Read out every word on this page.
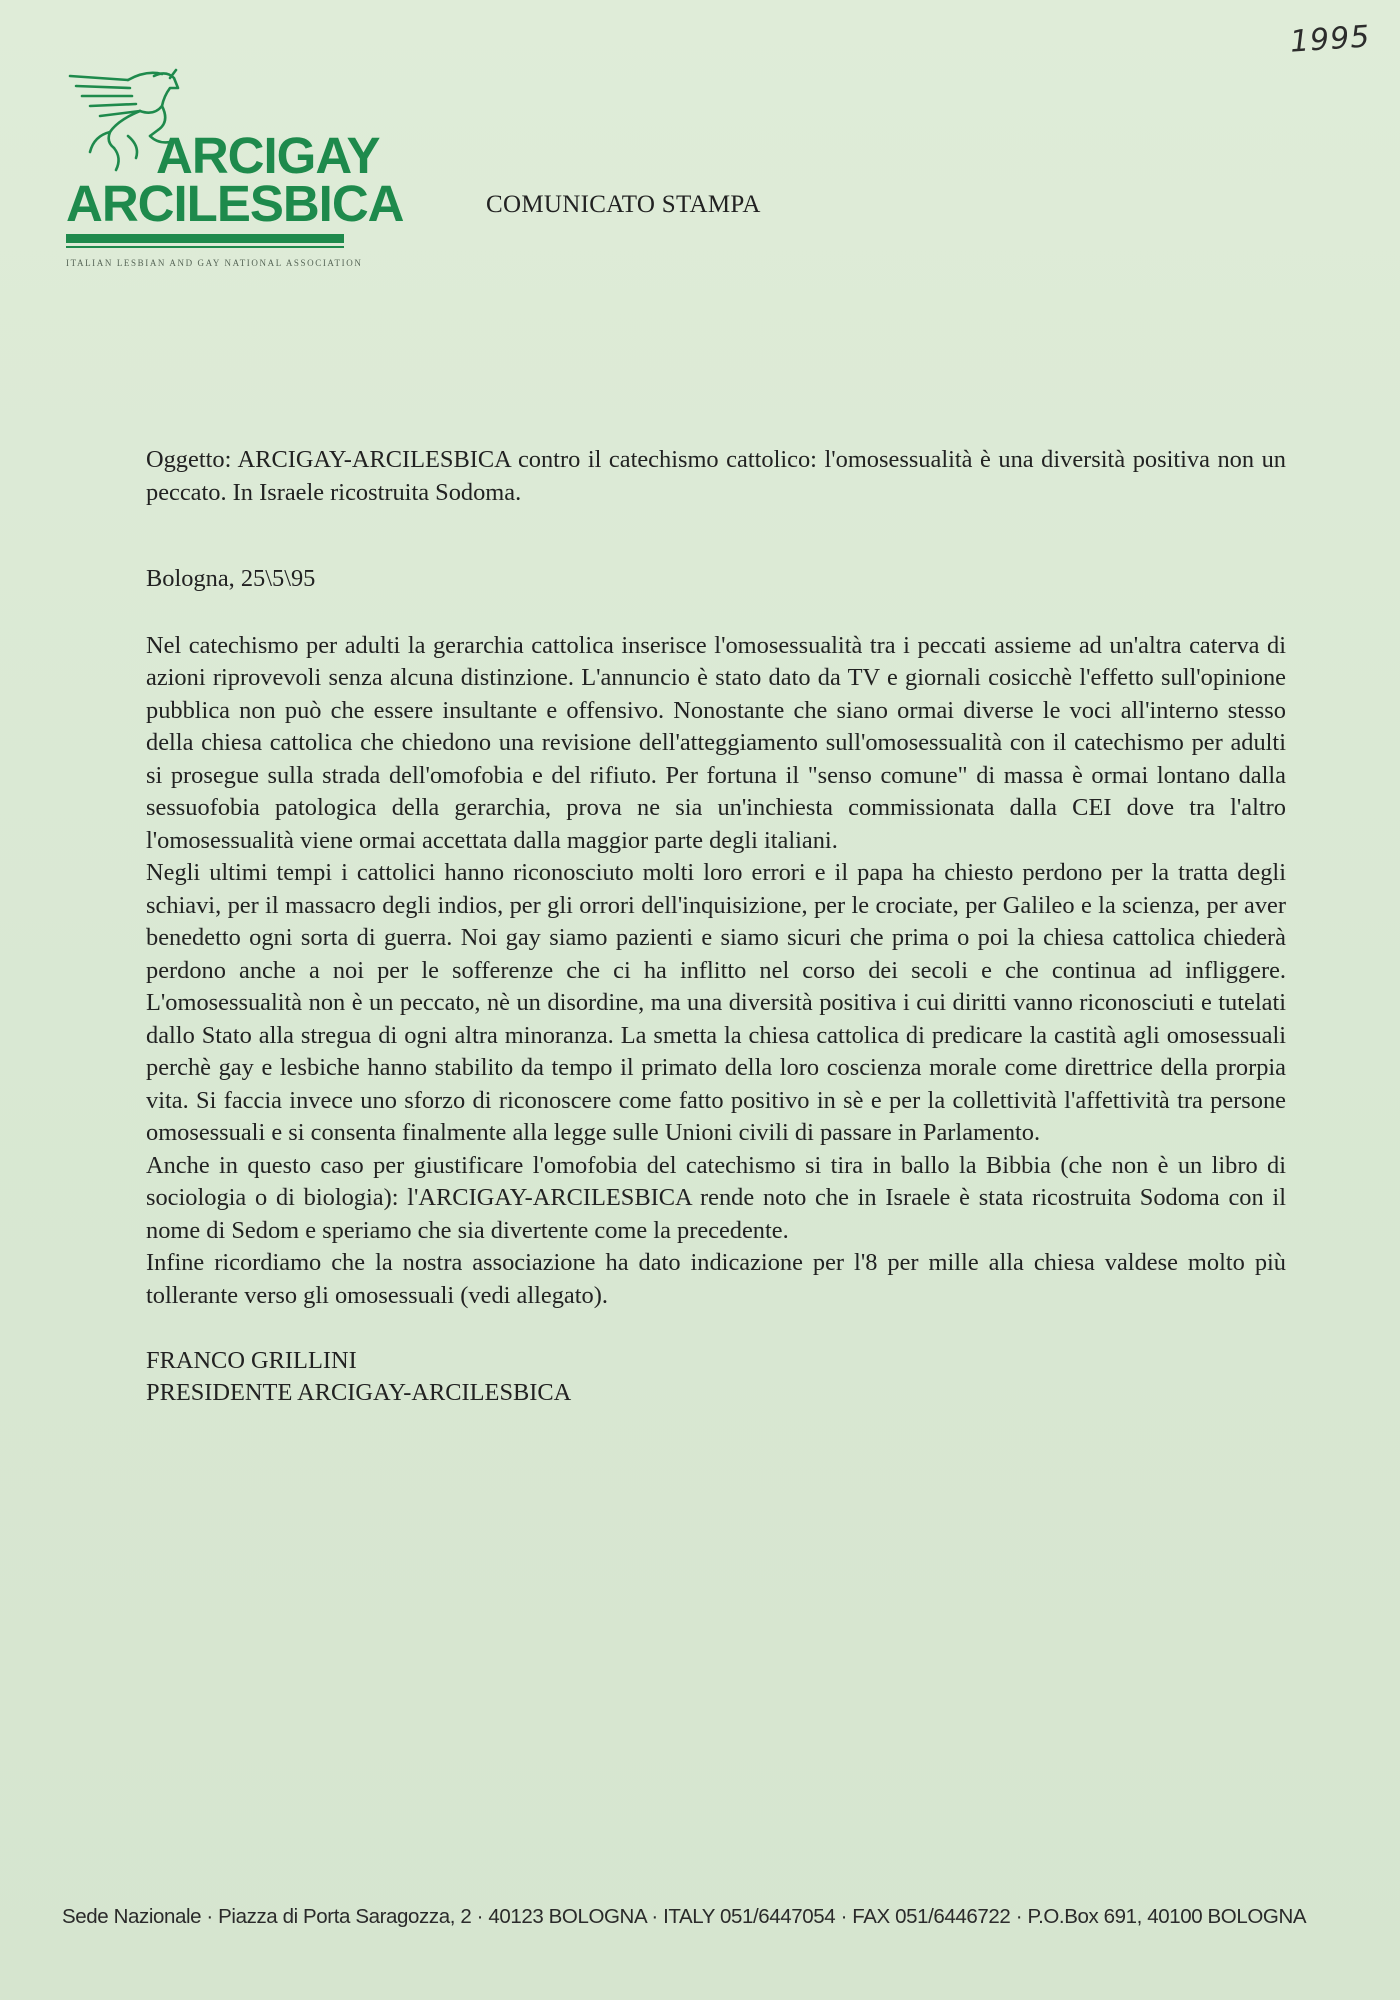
1995
ARCIGAY
ARCILESBICA
ITALIAN LESBIAN AND GAY NATIONAL ASSOCIATION
COMUNICATO STAMPA

Oggetto: ARCIGAY-ARCILESBICA contro il catechismo cattolico: l'omosessualità è una diversità positiva non un peccato. In Israele ricostruita Sodoma.

Bologna, 25\5\95

Nel catechismo per adulti la gerarchia cattolica inserisce l'omosessualità tra i peccati assieme ad un'altra caterva di azioni riprovevoli senza alcuna distinzione. L'annuncio è stato dato da TV e giornali cosicchè l'effetto sull'opinione pubblica non può che essere insultante e offensivo. Nonostante che siano ormai diverse le voci all'interno stesso della chiesa cattolica che chiedono una revisione dell'atteggiamento sull'omosessualità con il catechismo per adulti si prosegue sulla strada dell'omofobia e del rifiuto. Per fortuna il "senso comune" di massa è ormai lontano dalla sessuofobia patologica della gerarchia, prova ne sia un'inchiesta commissionata dalla CEI dove tra l'altro l'omosessualità viene ormai accettata dalla maggior parte degli italiani.
Negli ultimi tempi i cattolici hanno riconosciuto molti loro errori e il papa ha chiesto perdono per la tratta degli schiavi, per il massacro degli indios, per gli orrori dell'inquisizione, per le crociate, per Galileo e la scienza, per aver benedetto ogni sorta di guerra. Noi gay siamo pazienti e siamo sicuri che prima o poi la chiesa cattolica chiederà perdono anche a noi per le sofferenze che ci ha inflitto nel corso dei secoli e che continua ad infliggere. L'omosessualità non è un peccato, nè un disordine, ma una diversità positiva i cui diritti vanno riconosciuti e tutelati dallo Stato alla stregua di ogni altra minoranza. La smetta la chiesa cattolica di predicare la castità agli omosessuali perchè gay e lesbiche hanno stabilito da tempo il primato della loro coscienza morale come direttrice della prorpia vita. Si faccia invece uno sforzo di riconoscere come fatto positivo in sè e per la collettività l'affettività tra persone omosessuali e si consenta finalmente alla legge sulle Unioni civili di passare in Parlamento.
Anche in questo caso per giustificare l'omofobia del catechismo si tira in ballo la Bibbia (che non è un libro di sociologia o di biologia): l'ARCIGAY-ARCILESBICA rende noto che in Israele è stata ricostruita Sodoma con il nome di Sedom e speriamo che sia divertente come la precedente.
Infine ricordiamo che la nostra associazione ha dato indicazione per l'8 per mille alla chiesa valdese molto più tollerante verso gli omosessuali (vedi allegato).
FRANCO GRILLINI
PRESIDENTE ARCIGAY-ARCILESBICA
Sede Nazionale · Piazza di Porta Saragozza, 2 · 40123 BOLOGNA · ITALY 051/6447054 · FAX 051/6446722 · P.O.Box 691, 40100 BOLOGNA
